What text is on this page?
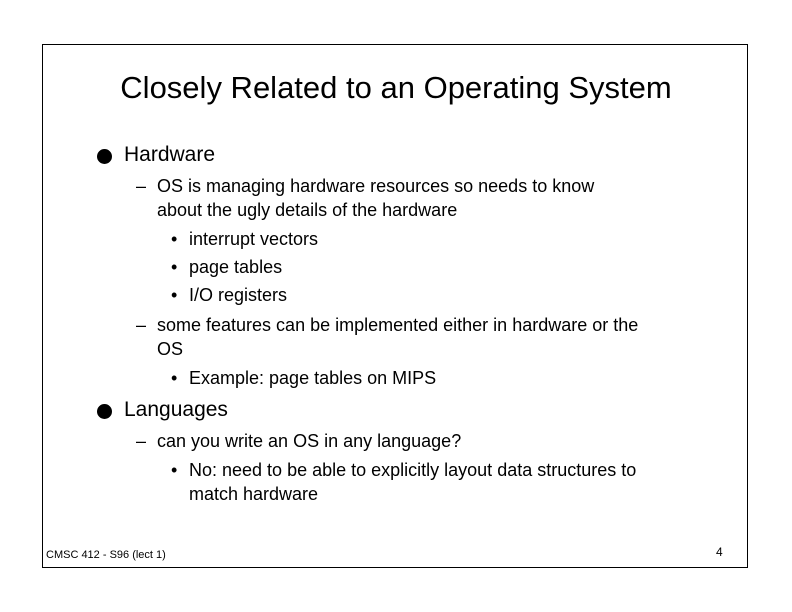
Closely Related to an Operating System
Hardware
– OS is managing hardware resources so needs to know
about the ugly details of the hardware
• interrupt vectors
• page tables
• I/O registers
– some features can be implemented either in hardware or the
OS
• Example: page tables on MIPS
Languages
– can you write an OS in any language?
• No: need to be able to explicitly layout data structures to
match hardware
CMSC 412 - S96 (lect 1)	4
